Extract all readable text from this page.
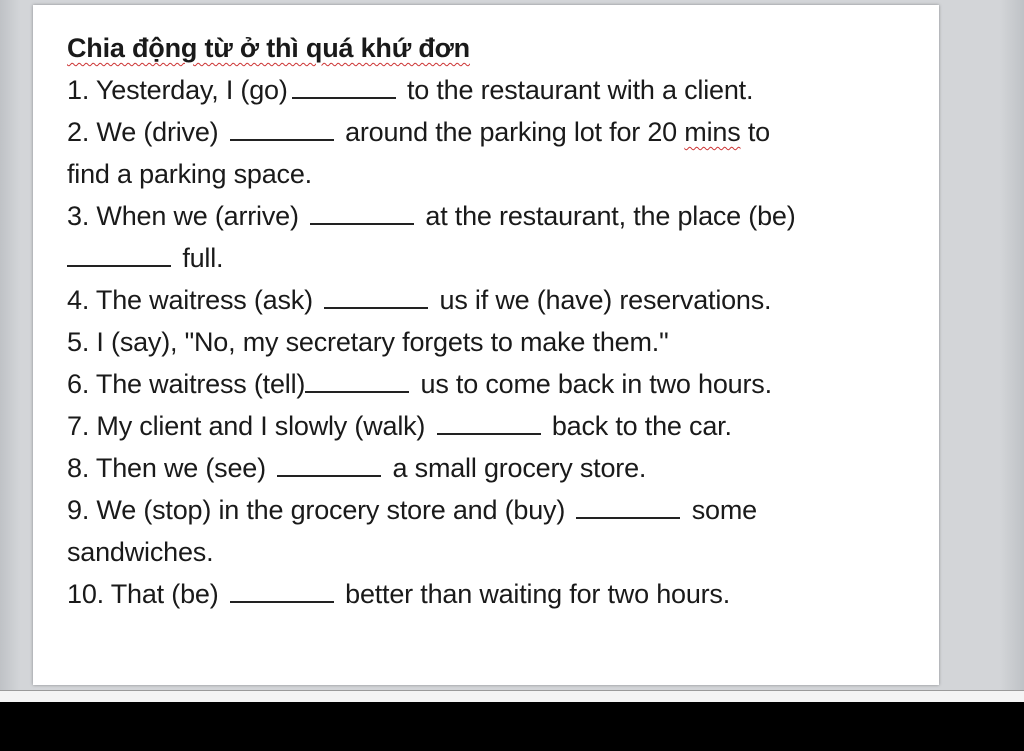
Chia động từ ở thì quá khứ đơn
1. Yesterday, I (go)	to the restaurant with a client.
2. We (drive)	around the parking lot for 20 mins to
find a parking space.
3. When we (arrive)	at the restaurant, the place (be)
full.
4. The waitress (ask)	us if we (have) reservations.
5. I (say), "No, my secretary forgets to make them."
6. The waitress (tell)	us to come back in two hours.
7. My client and I slowly (walk)	back to the car.
8. Then we (see)	a small grocery store.
9. We (stop) in the grocery store and (buy)	some
sandwiches.
10. That (be)	better than waiting for two hours.
